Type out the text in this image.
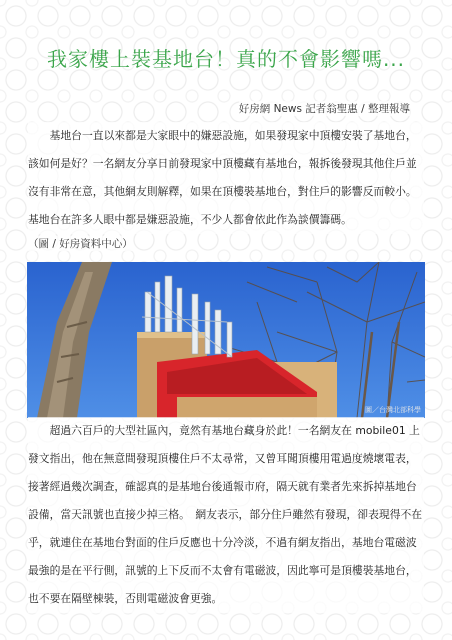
我家樓上裝基地台！真的不會影響嗎...
好房網 News 記者翁聖惠 / 整理報導
　　基地台一直以來都是大家眼中的嫌惡設施，如果發現家中頂樓安裝了基地台，
該如何是好？一名網友分享日前發現家中頂樓藏有基地台，報拆後發現其他住戶並
沒有非常在意，其他網友則解釋，如果在頂樓裝基地台，對住戶的影響反而較小。
基地台在許多人眼中都是嫌惡設施，不少人都會依此作為談價籌碼。
（圖 / 好房資料中心）
圖／台灣北部科學
　　超過六百戶的大型社區內，竟然有基地台藏身於此！一名網友在 mobile01 上
發文指出，他在無意間發現頂樓住戶不太尋常，又曾耳聞頂樓用電過度燒壞電表，
接著經過幾次調查，確認真的是基地台後通報市府，隔天就有業者先來拆掉基地台
設備，當天訊號也直接少掉三格。　網友表示，部分住戶雖然有發現，卻表現得不在
乎，就連住在基地台對面的住戶反應也十分冷淡，不過有網友指出，基地台電磁波
最強的是在平行側，訊號的上下反而不太會有電磁波，因此寧可是頂樓裝基地台，
也不要在隔壁棟裝，否則電磁波會更強。
